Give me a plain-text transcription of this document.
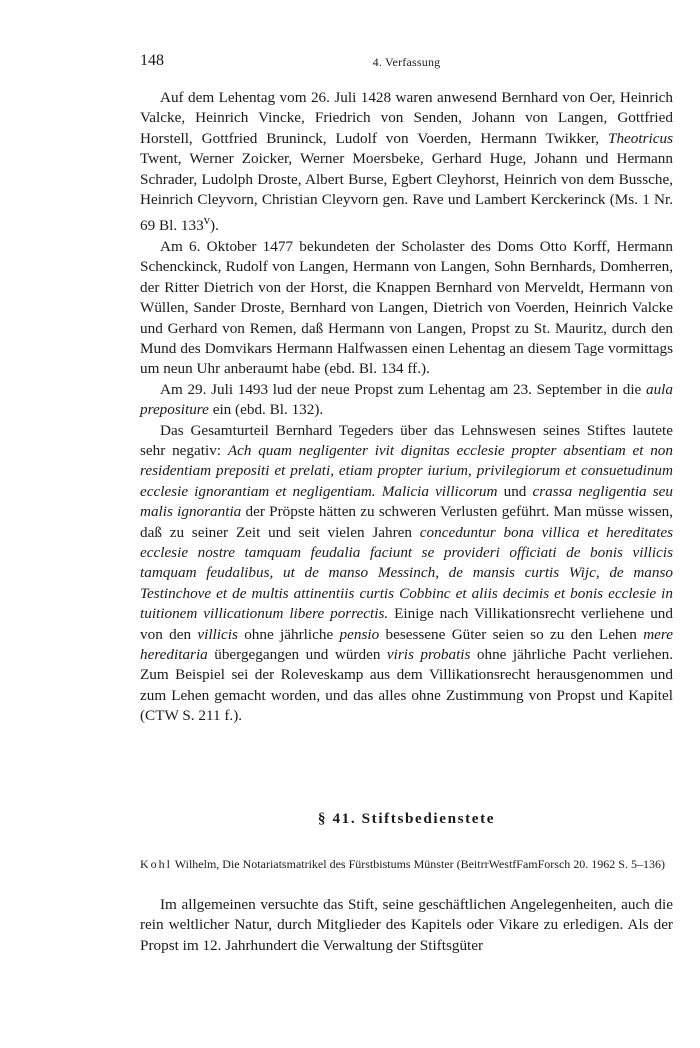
148	4. Verfassung

Auf dem Lehentag vom 26. Juli 1428 waren anwesend Bernhard von Oer, Heinrich Valcke, Heinrich Vincke, Friedrich von Senden, Johann von Langen, Gottfried Horstell, Gottfried Bruninck, Ludolf von Voerden, Hermann Twikker, Theotricus Twent, Werner Zoicker, Werner Moersbeke, Gerhard Huge, Johann und Hermann Schrader, Ludolph Droste, Albert Burse, Egbert Cleyhorst, Heinrich von dem Bussche, Heinrich Cleyvorn, Christian Cleyvorn gen. Rave und Lambert Kerckerinck (Ms. 1 Nr. 69 Bl. 133$^v$).

Am 6. Oktober 1477 bekundeten der Scholaster des Doms Otto Korff, Hermann Schenckinck, Rudolf von Langen, Hermann von Langen, Sohn Bernhards, Domherren, der Ritter Dietrich von der Horst, die Knappen Bernhard von Merveldt, Hermann von Wüllen, Sander Droste, Bernhard von Langen, Dietrich von Voerden, Heinrich Valcke und Gerhard von Remen, daß Hermann von Langen, Propst zu St. Mauritz, durch den Mund des Domvikars Hermann Halfwassen einen Lehentag an diesem Tage vormittags um neun Uhr anberaumt habe (ebd. Bl. 134 ff.).

Am 29. Juli 1493 lud der neue Propst zum Lehentag am 23. September in die aula prepositure ein (ebd. Bl. 132).

Das Gesamturteil Bernhard Tegeders über das Lehnswesen seines Stiftes lautete sehr negativ: Ach quam negligenter ivit dignitas ecclesie propter absentiam et non residentiam prepositi et prelati, etiam propter iurium, privilegiorum et consuetudinum ecclesie ignorantiam et negligentiam. Malicia villicorum und crassa negligentia seu malis ignorantia der Pröpste hätten zu schweren Verlusten geführt. Man müsse wissen, daß zu seiner Zeit und seit vielen Jahren conceduntur bona villica et hereditates ecclesie nostre tamquam feudalia faciunt se provideri officiati de bonis villicis tamquam feudalibus, ut de manso Messinch, de mansis curtis Wijc, de manso Testinchove et de multis attinentiis curtis Cobbinc et aliis decimis et bonis ecclesie in tuitionem villicationum libere porrectis. Einige nach Villikationsrecht verliehene und von den villicis ohne jährliche pensio besessene Güter seien so zu den Lehen mere hereditaria übergegangen und würden viris probatis ohne jährliche Pacht verliehen. Zum Beispiel sei der Roleveskamp aus dem Villikationsrecht herausgenommen und zum Lehen gemacht worden, und das alles ohne Zustimmung von Propst und Kapitel (CTW S. 211 f.).

§ 41. Stiftsbedienstete

Kohl Wilhelm, Die Notariatsmatrikel des Fürstbistums Münster (BeitrrWestfFamForsch 20. 1962 S. 5–136)

Im allgemeinen versuchte das Stift, seine geschäftlichen Angelegenheiten, auch die rein weltlicher Natur, durch Mitglieder des Kapitels oder Vikare zu erledigen. Als der Propst im 12. Jahrhundert die Verwaltung der Stiftsgüter
